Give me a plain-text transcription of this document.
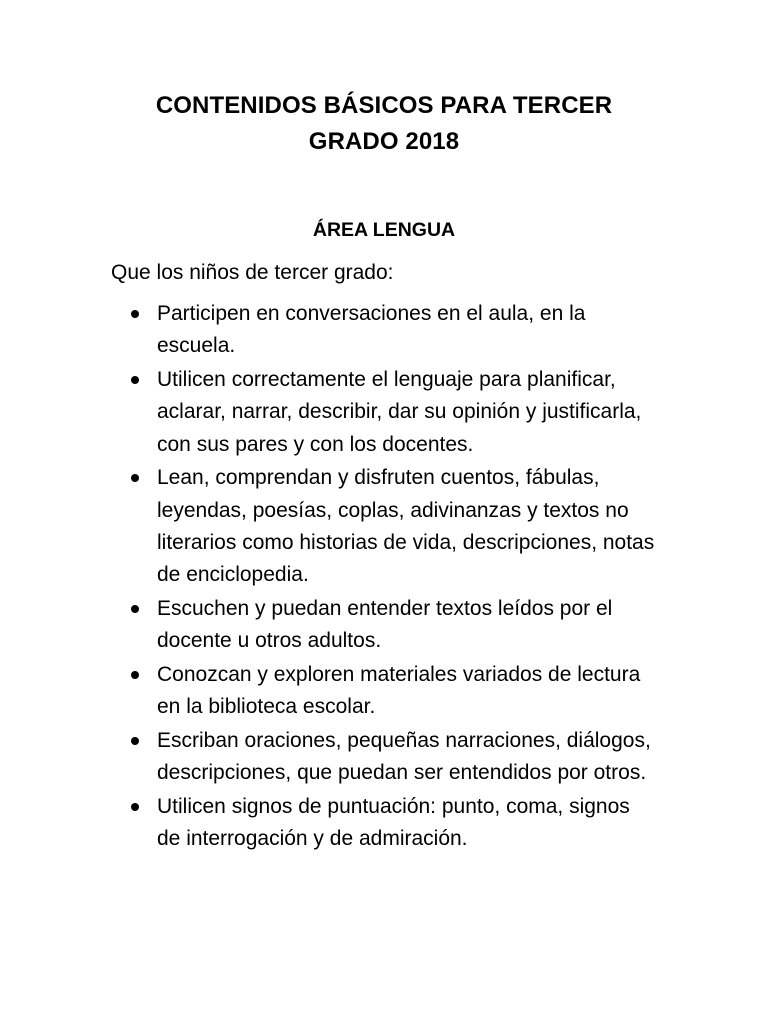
CONTENIDOS BÁSICOS PARA TERCER
GRADO 2018
ÁREA LENGUA
Que los niños de tercer grado:
Participen en conversaciones en el aula, en la escuela.
Utilicen correctamente el lenguaje para planificar, aclarar, narrar, describir, dar su opinión y justificarla, con sus pares y con los docentes.
Lean, comprendan y disfruten cuentos, fábulas, leyendas, poesías, coplas, adivinanzas y textos no literarios como historias de vida, descripciones, notas de enciclopedia.
Escuchen y puedan entender textos leídos por el docente u otros adultos.
Conozcan y exploren materiales variados de lectura en la biblioteca escolar.
Escriban oraciones, pequeñas narraciones, diálogos, descripciones, que puedan ser entendidos por otros.
Utilicen signos de puntuación: punto, coma, signos de interrogación y de admiración.
